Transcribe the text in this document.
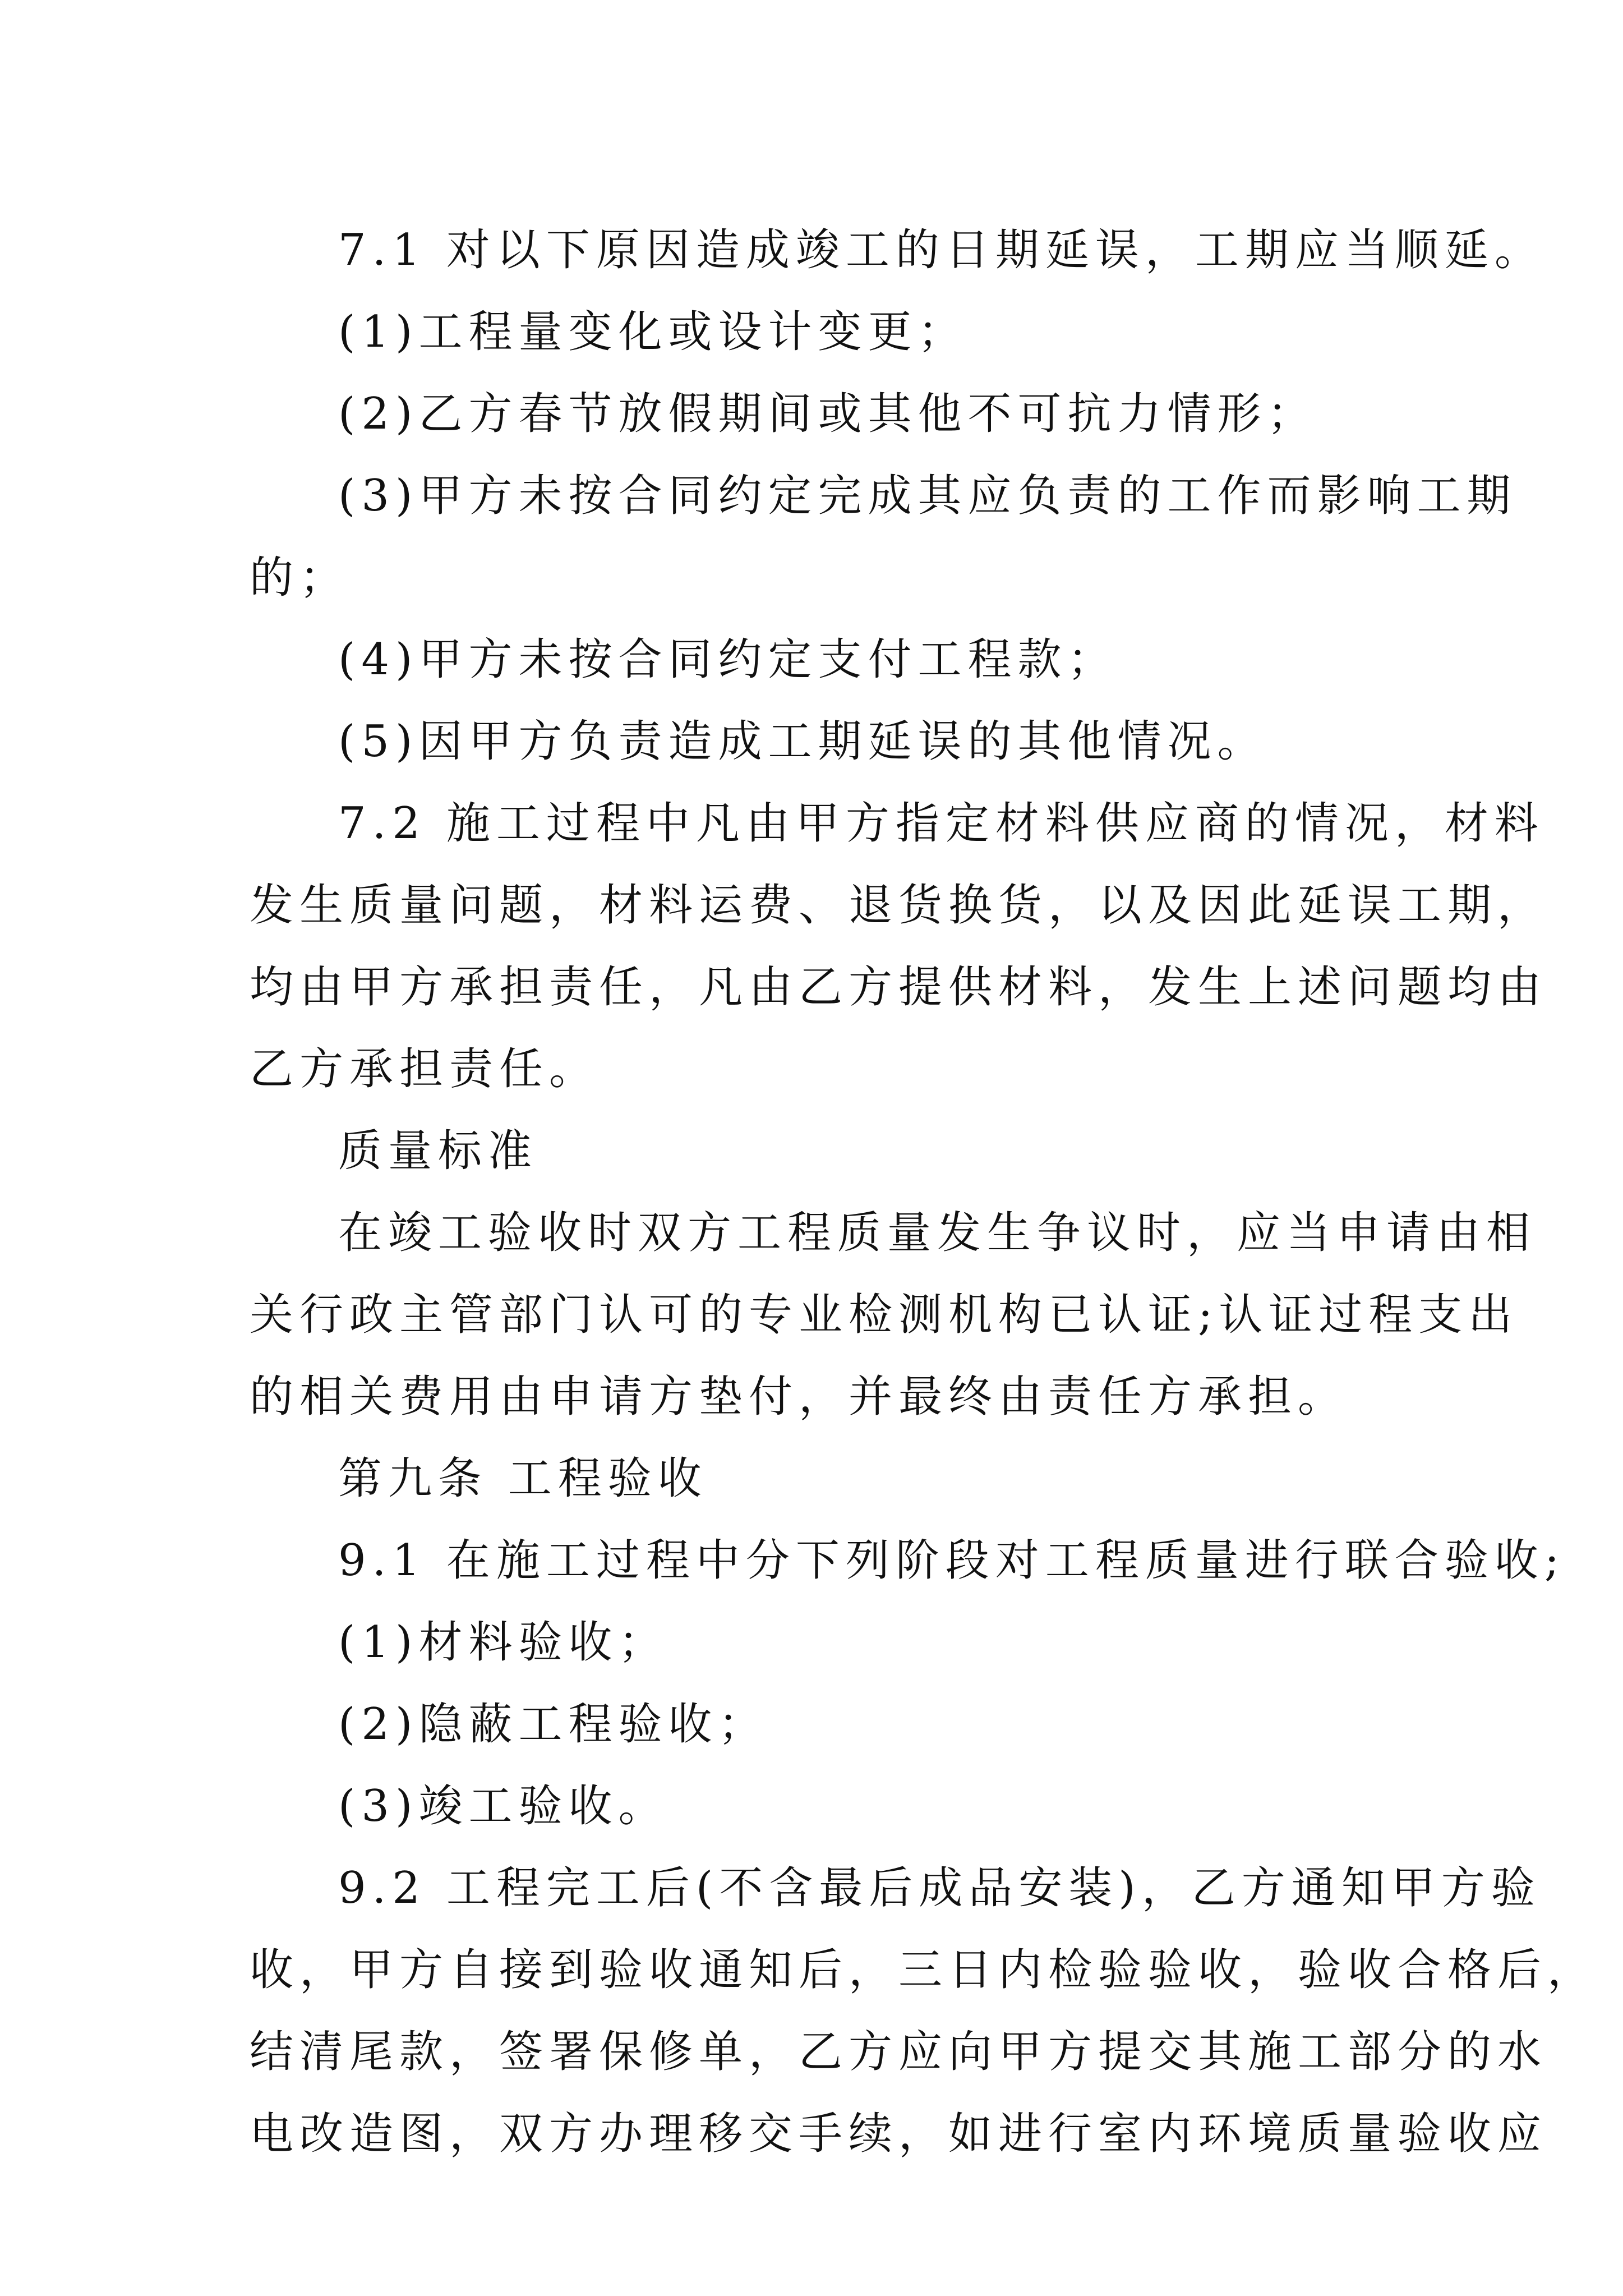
7.1 对以下原因造成竣工的日期延误，工期应当顺延。
(1)工程量变化或设计变更；
(2)乙方春节放假期间或其他不可抗力情形；
(3)甲方未按合同约定完成其应负责的工作而影响工期
的；
(4)甲方未按合同约定支付工程款；
(5)因甲方负责造成工期延误的其他情况。
7.2 施工过程中凡由甲方指定材料供应商的情况，材料
发生质量问题，材料运费、退货换货，以及因此延误工期，
均由甲方承担责任，凡由乙方提供材料，发生上述问题均由
乙方承担责任。
质量标准
在竣工验收时双方工程质量发生争议时，应当申请由相
关行政主管部门认可的专业检测机构已认证;认证过程支出
的相关费用由申请方垫付，并最终由责任方承担。
第九条 工程验收
9.1 在施工过程中分下列阶段对工程质量进行联合验收;
(1)材料验收；
(2)隐蔽工程验收；
(3)竣工验收。
9.2 工程完工后(不含最后成品安装)，乙方通知甲方验
收，甲方自接到验收通知后，三日内检验验收，验收合格后，
结清尾款，签署保修单，乙方应向甲方提交其施工部分的水
电改造图，双方办理移交手续，如进行室内环境质量验收应
